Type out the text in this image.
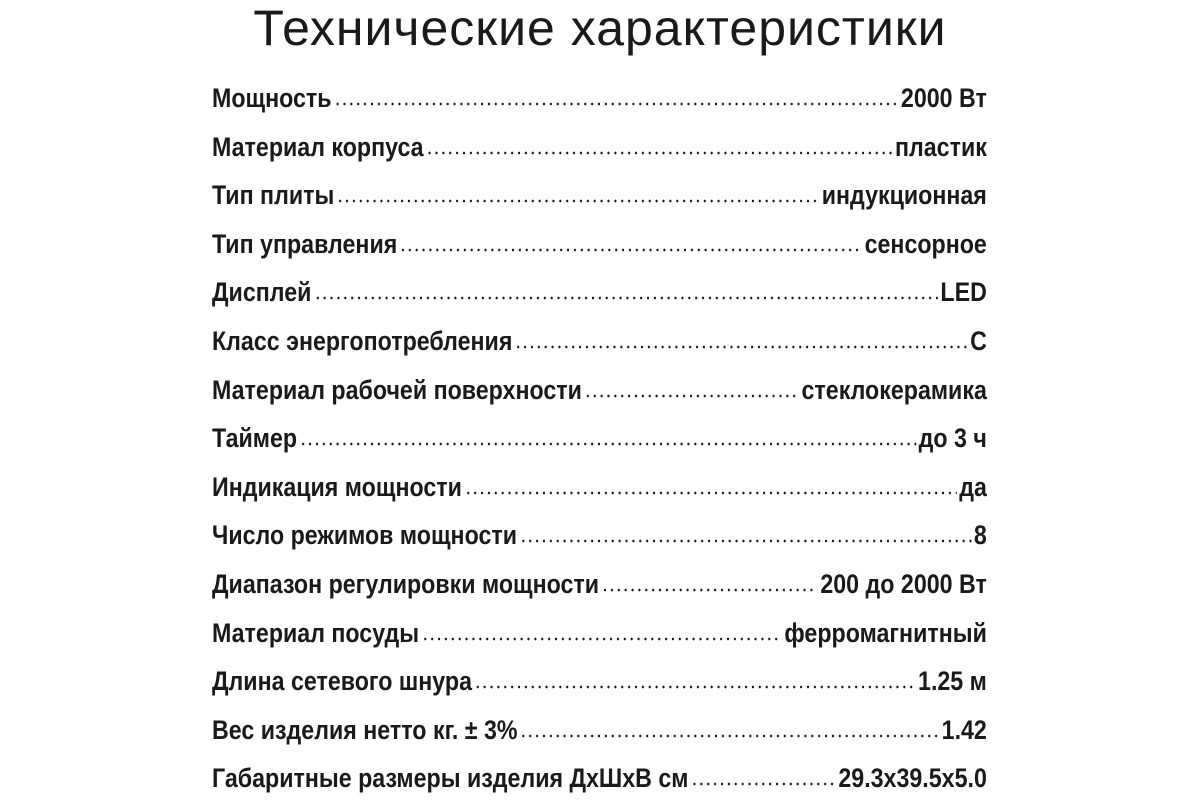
Технические характеристики
Мощность	2000 Вт
Материал корпуса	пластик
Тип плиты	индукционная
Тип управления	сенсорное
Дисплей	LED
Класс энергопотребления	С
Материал рабочей поверхности	стеклокерамика
Таймер	до 3 ч
Индикация мощности	да
Число режимов мощности	8
Диапазон регулировки мощности	200 до 2000 Вт
Материал посуды	ферромагнитный
Длина сетевого шнура	1.25 м
Вес изделия нетто кг. ± 3%	1.42
Габаритные размеры изделия ДхШхВ см	29.3x39.5x5.0
